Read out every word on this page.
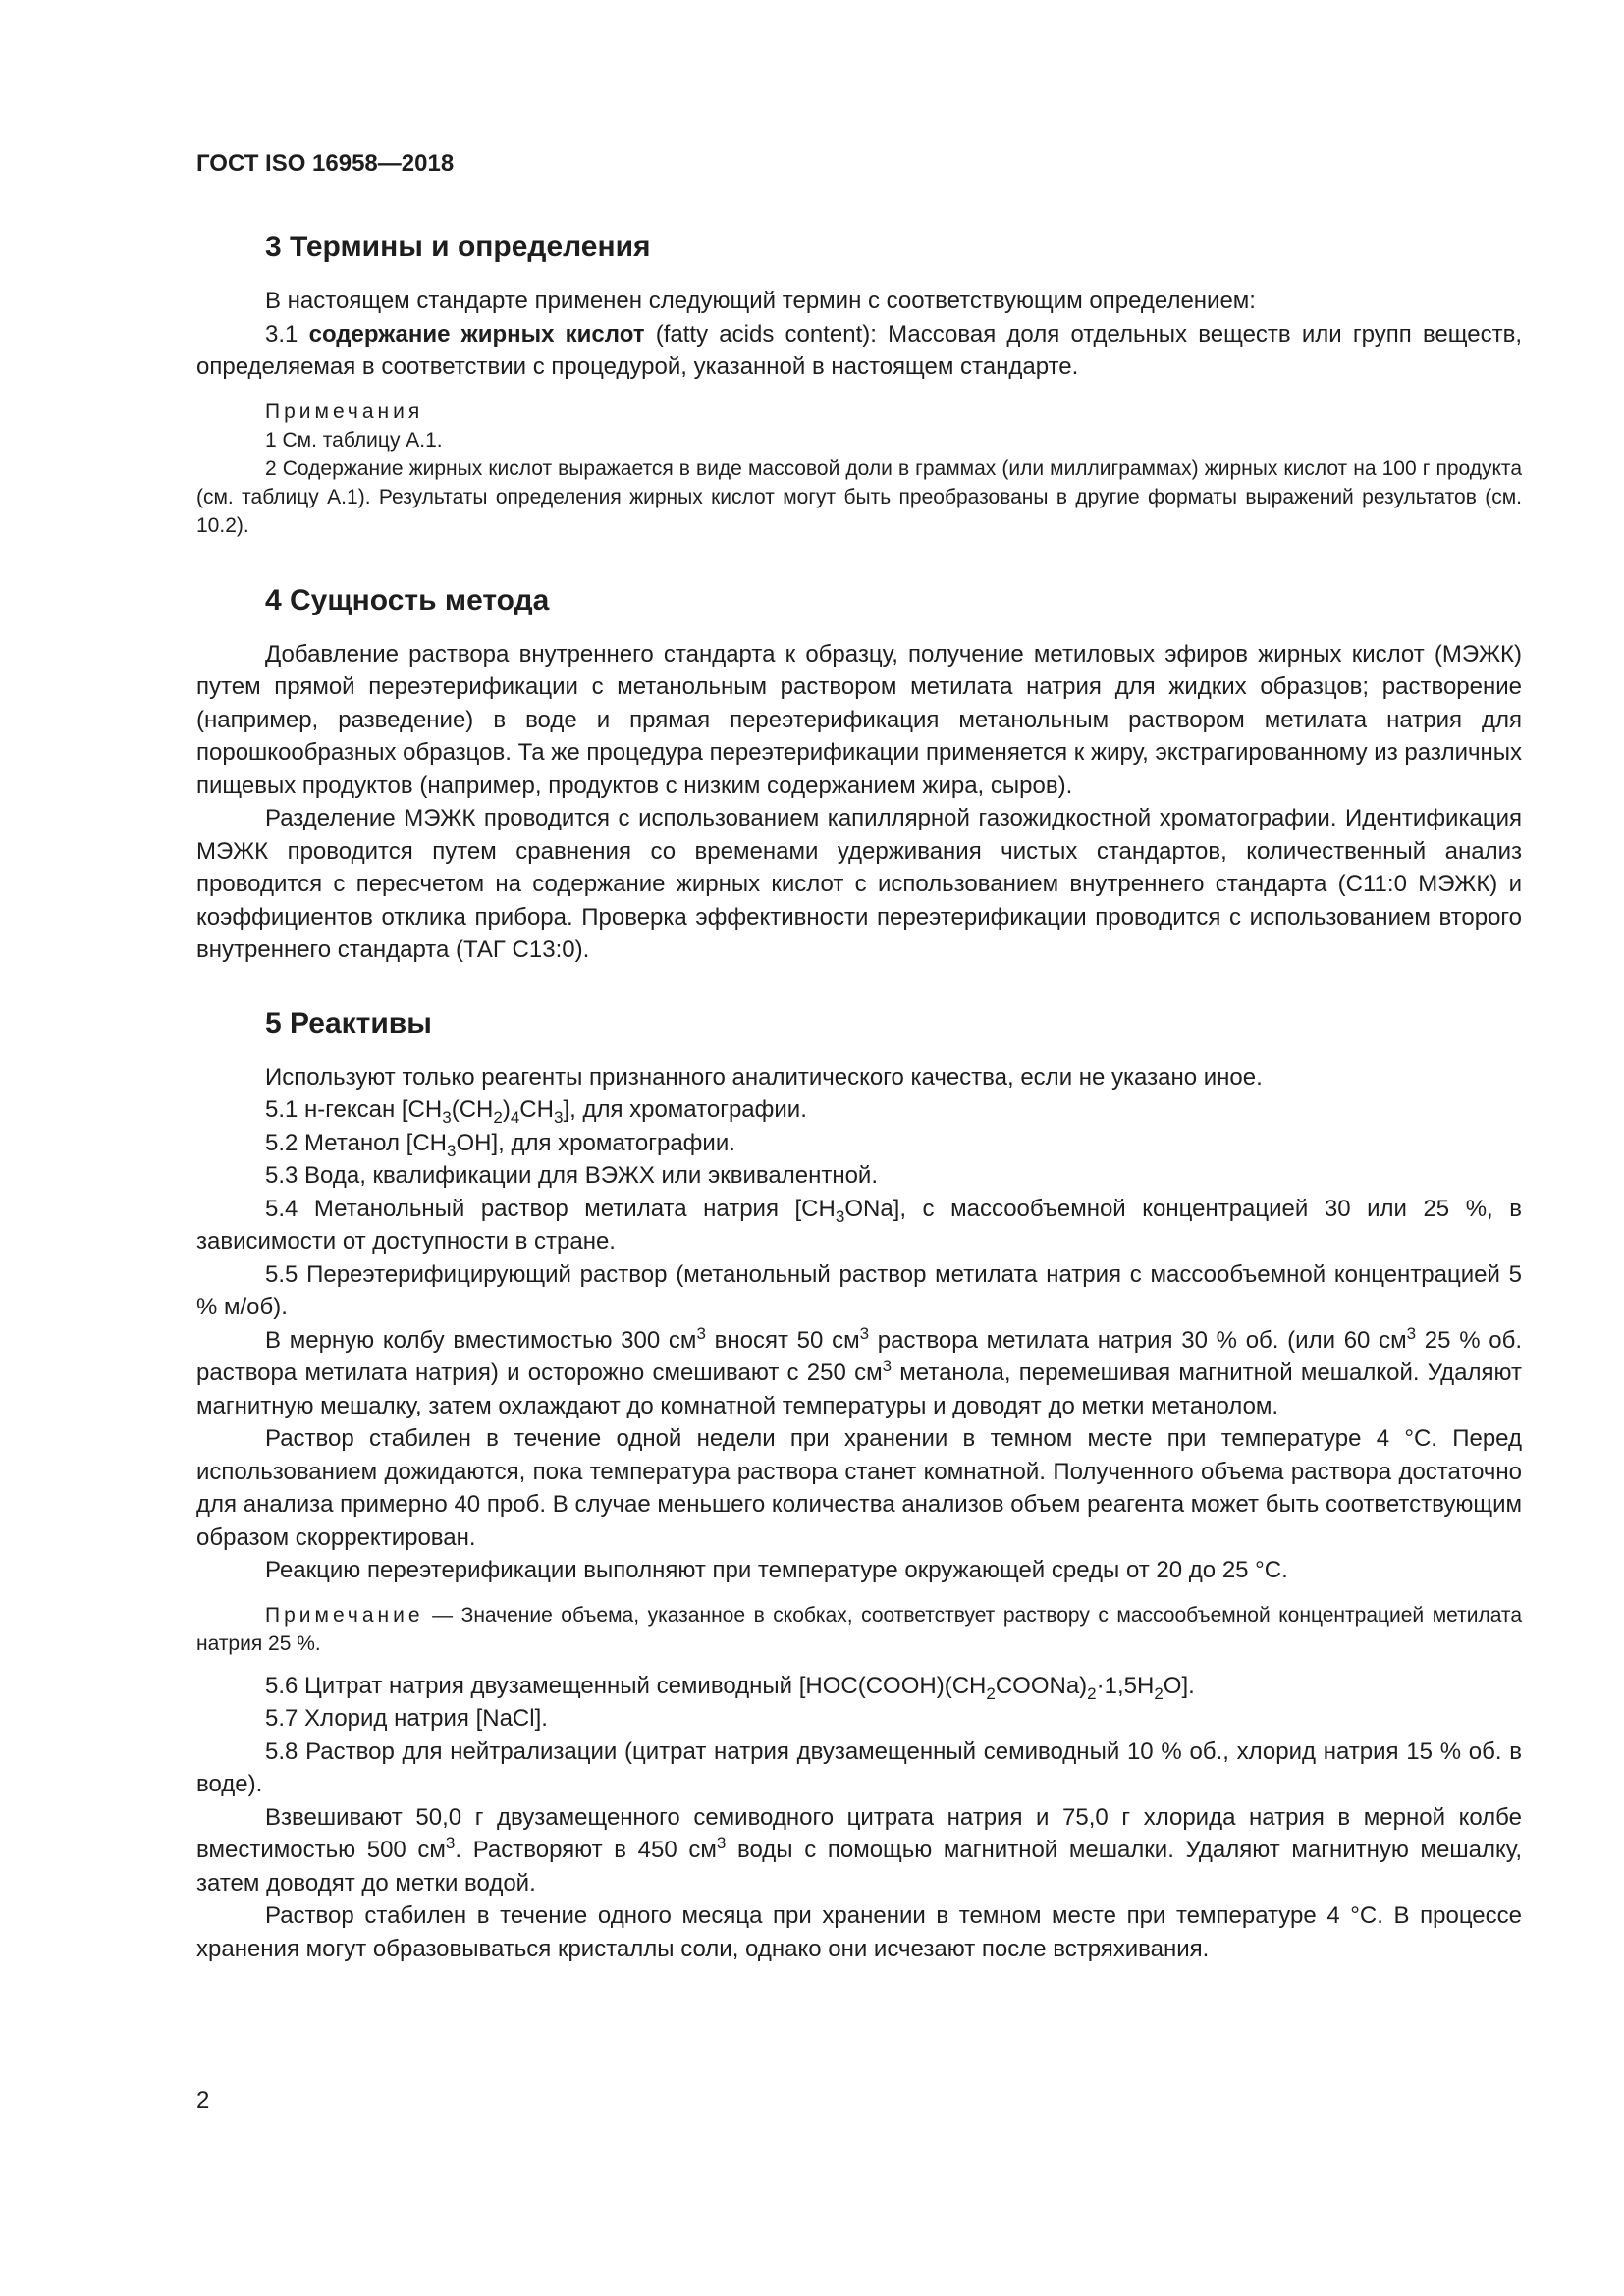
ГОСТ ISO 16958—2018
3 Термины и определения
В настоящем стандарте применен следующий термин с соответствующим определением:
3.1 содержание жирных кислот (fatty acids content): Массовая доля отдельных веществ или групп веществ, определяемая в соответствии с процедурой, указанной в настоящем стандарте.
Примечания
1 См. таблицу А.1.
2 Содержание жирных кислот выражается в виде массовой доли в граммах (или миллиграммах) жирных кислот на 100 г продукта (см. таблицу А.1). Результаты определения жирных кислот могут быть преобразованы в другие форматы выражений результатов (см. 10.2).
4 Сущность метода
Добавление раствора внутреннего стандарта к образцу, получение метиловых эфиров жирных кислот (МЭЖК) путем прямой переэтерификации с метанольным раствором метилата натрия для жидких образцов; растворение (например, разведение) в воде и прямая переэтерификация метанольным раствором метилата натрия для порошкообразных образцов. Та же процедура переэтерификации применяется к жиру, экстрагированному из различных пищевых продуктов (например, продуктов с низким содержанием жира, сыров).
Разделение МЭЖК проводится с использованием капиллярной газожидкостной хроматографии. Идентификация МЭЖК проводится путем сравнения со временами удерживания чистых стандартов, количественный анализ проводится с пересчетом на содержание жирных кислот с использованием внутреннего стандарта (С11:0 МЭЖК) и коэффициентов отклика прибора. Проверка эффективности переэтерификации проводится с использованием второго внутреннего стандарта (ТАГ С13:0).
5 Реактивы
Используют только реагенты признанного аналитического качества, если не указано иное.
5.1 н-гексан $[CH_3(CH_2)_4CH_3]$, для хроматографии.
5.2 Метанол $[CH_3OH]$, для хроматографии.
5.3 Вода, квалификации для ВЭЖХ или эквивалентной.
5.4 Метанольный раствор метилата натрия $[CH_3ONa]$, с массообъемной концентрацией 30 или 25 %, в зависимости от доступности в стране.
5.5 Переэтерифицирующий раствор (метанольный раствор метилата натрия с массообъемной концентрацией 5 % м/об).
В мерную колбу вместимостью 300 $см^3$ вносят 50 $см^3$ раствора метилата натрия 30 % об. (или 60 $см^3$ 25 % об. раствора метилата натрия) и осторожно смешивают с 250 $см^3$ метанола, перемешивая магнитной мешалкой. Удаляют магнитную мешалку, затем охлаждают до комнатной температуры и доводят до метки метанолом.
Раствор стабилен в течение одной недели при хранении в темном месте при температуре 4 °С. Перед использованием дожидаются, пока температура раствора станет комнатной. Полученного объема раствора достаточно для анализа примерно 40 проб. В случае меньшего количества анализов объем реагента может быть соответствующим образом скорректирован.
Реакцию переэтерификации выполняют при температуре окружающей среды от 20 до 25 °С.
Примечание — Значение объема, указанное в скобках, соответствует раствору с массообъемной концентрацией метилата натрия 25 %.
5.6 Цитрат натрия двузамещенный семиводный $[HOC(COOH)(CH_2COONa)_2\cdot 1,5H_2O]$.
5.7 Хлорид натрия [NaCl].
5.8 Раствор для нейтрализации (цитрат натрия двузамещенный семиводный 10 % об., хлорид натрия 15 % об. в воде).
Взвешивают 50,0 г двузамещенного семиводного цитрата натрия и 75,0 г хлорида натрия в мерной колбе вместимостью 500 $см^3$. Растворяют в 450 $см^3$ воды с помощью магнитной мешалки. Удаляют магнитную мешалку, затем доводят до метки водой.
Раствор стабилен в течение одного месяца при хранении в темном месте при температуре 4 °С. В процессе хранения могут образовываться кристаллы соли, однако они исчезают после встряхивания.
2
